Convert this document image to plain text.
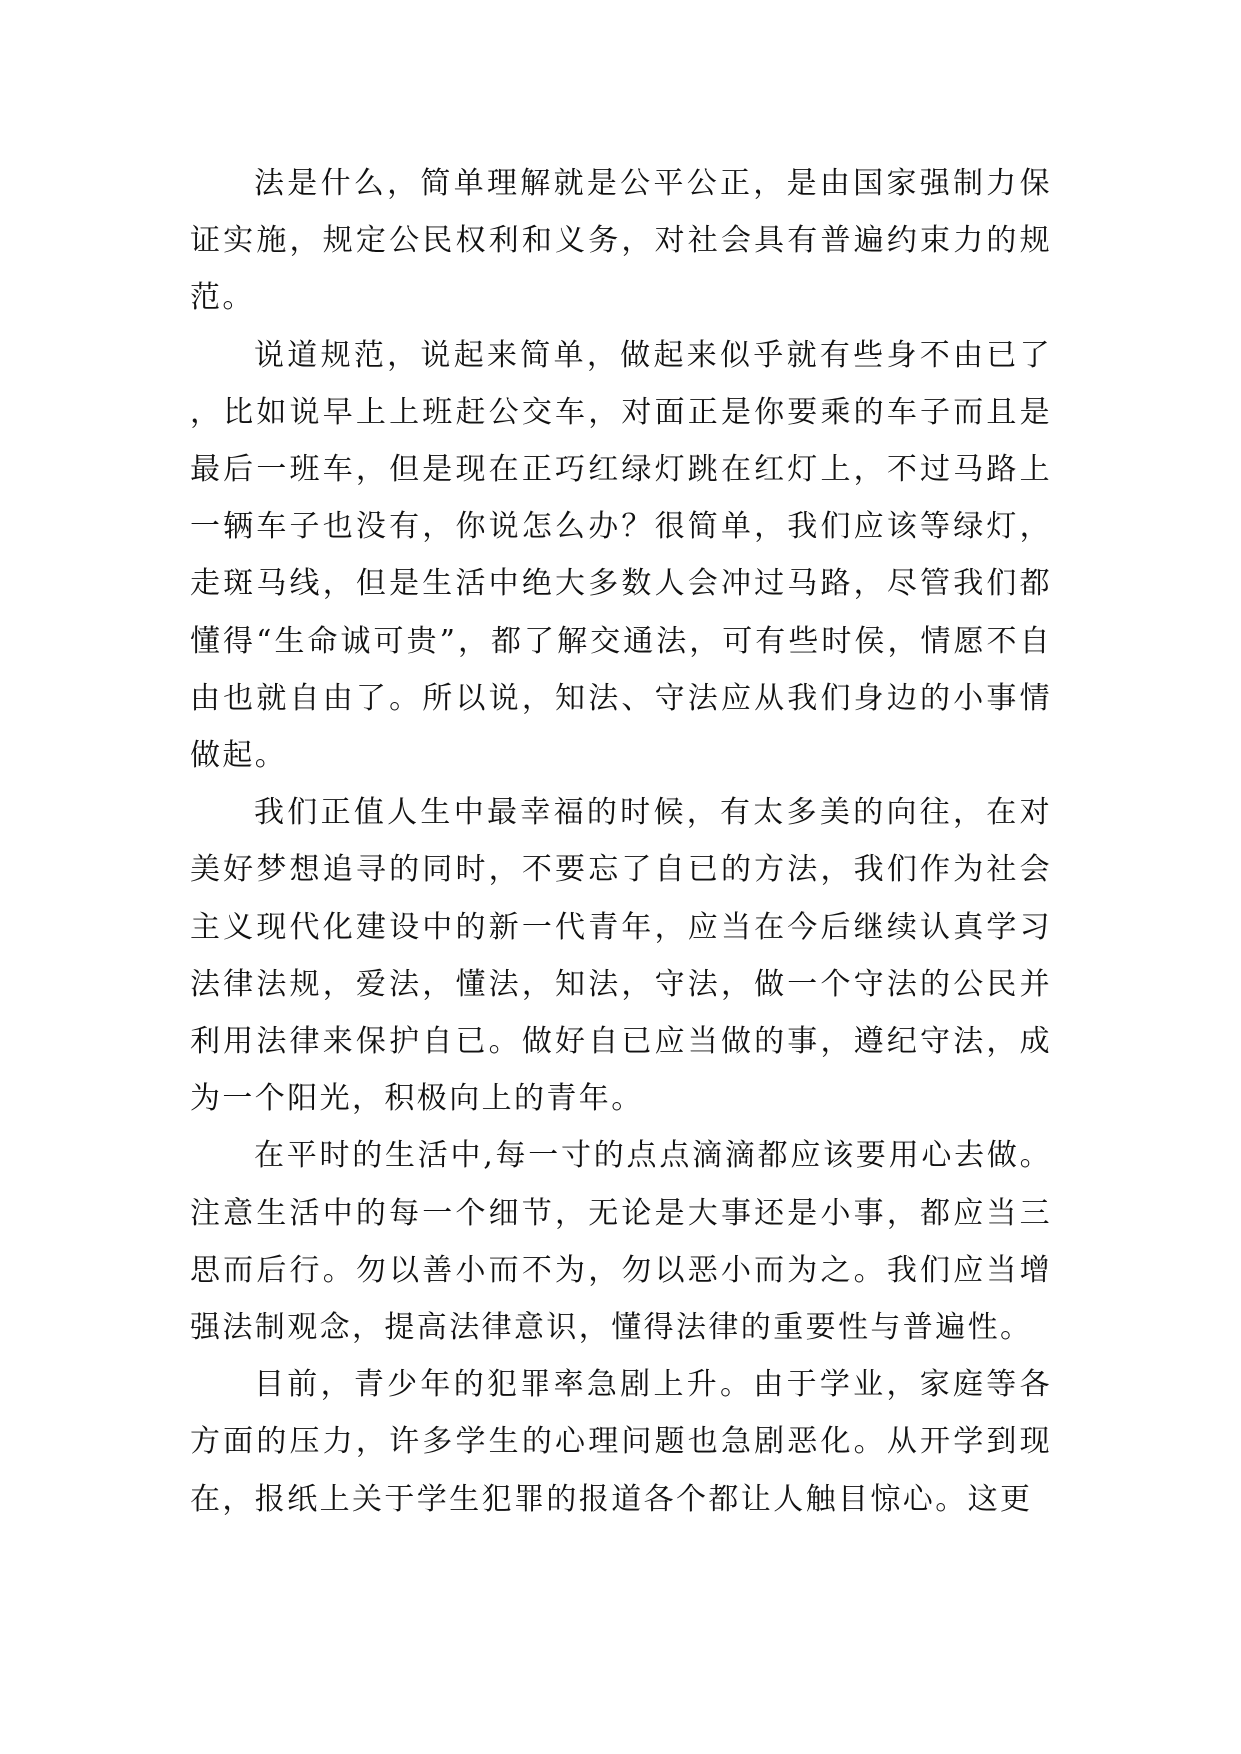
法是什么，简单理解就是公平公正，是由国家强制力保证实施，规定公民权利和义务，对社会具有普遍约束力的规范。

说道规范，说起来简单，做起来似乎就有些身不由已了，比如说早上上班赶公交车，对面正是你要乘的车子而且是最后一班车，但是现在正巧红绿灯跳在红灯上，不过马路上一辆车子也没有，你说怎么办？很简单，我们应该等绿灯，走斑马线，但是生活中绝大多数人会冲过马路，尽管我们都懂得“生命诚可贵”，都了解交通法，可有些时侯，情愿不自由也就自由了。所以说，知法、守法应从我们身边的小事情做起。

我们正值人生中最幸福的时候，有太多美的向往，在对美好梦想追寻的同时，不要忘了自已的方法，我们作为社会主义现代化建设中的新一代青年，应当在今后继续认真学习法律法规，爱法，懂法，知法，守法，做一个守法的公民并利用法律来保护自已。做好自已应当做的事，遵纪守法，成为一个阳光，积极向上的青年。

在平时的生活中,每一寸的点点滴滴都应该要用心去做。注意生活中的每一个细节，无论是大事还是小事，都应当三思而后行。勿以善小而不为，勿以恶小而为之。我们应当增强法制观念，提高法律意识，懂得法律的重要性与普遍性。

目前，青少年的犯罪率急剧上升。由于学业，家庭等各方面的压力，许多学生的心理问题也急剧恶化。从开学到现在，报纸上关于学生犯罪的报道各个都让人触目惊心。这更
